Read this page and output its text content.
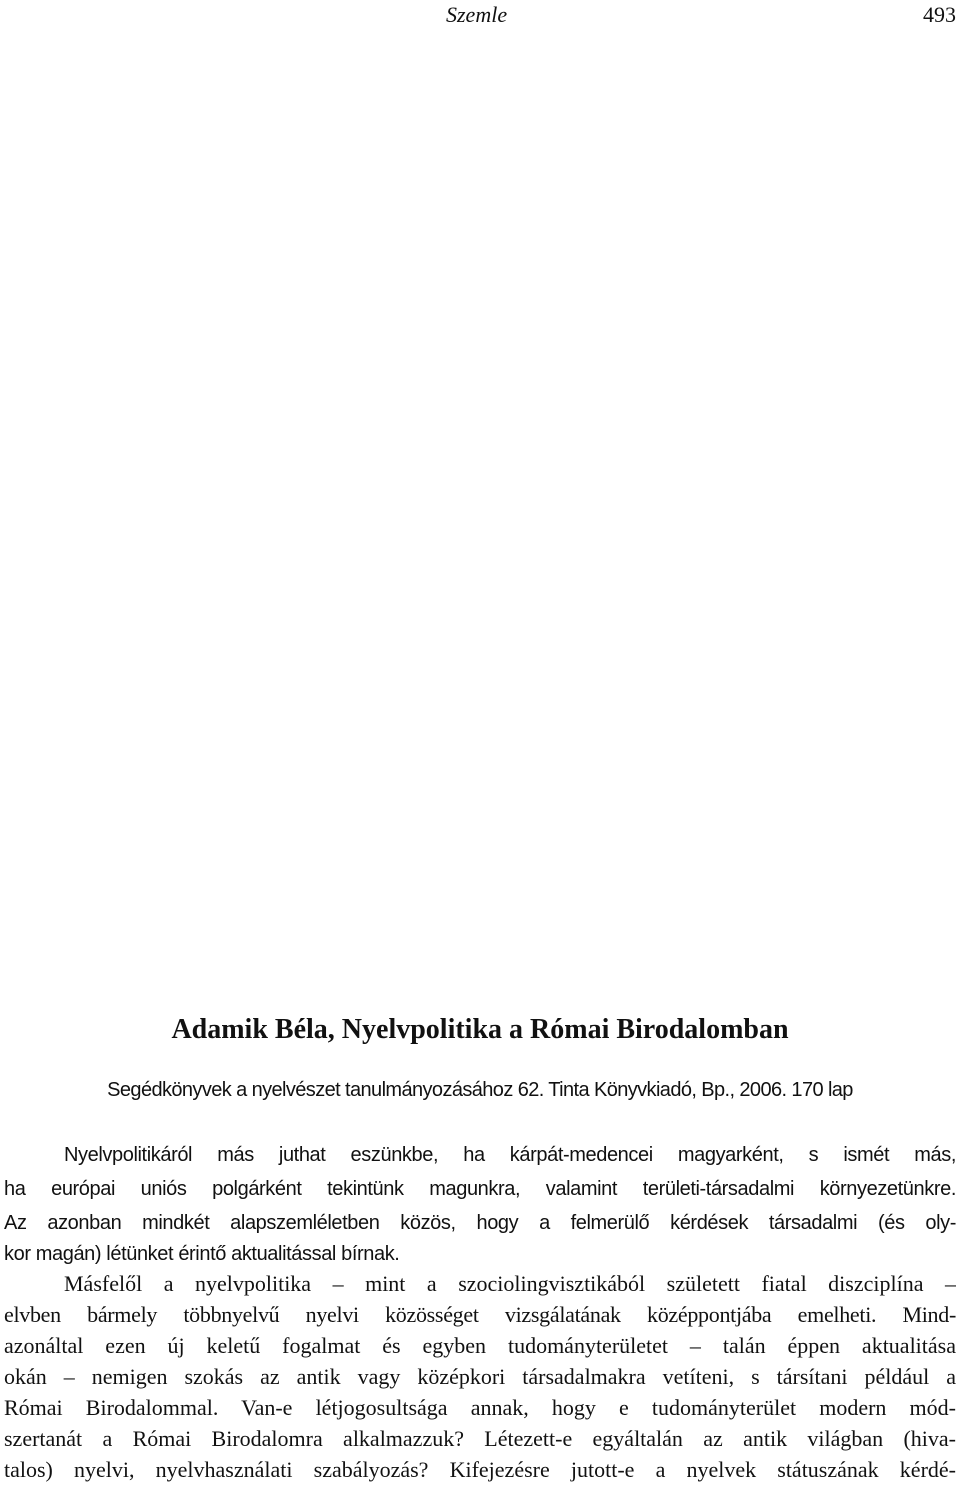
Szemle	493
Adamik Béla, Nyelvpolitika a Római Birodalomban
Segédkönyvek a nyelvészet tanulmányozásához 62. Tinta Könyvkiadó, Bp., 2006. 170 lap
Nyelvpolitikáról más juthat eszünkbe, ha kárpát-medencei magyarként, s ismét más,
ha európai uniós polgárként tekintünk magunkra, valamint területi-társadalmi környezetünkre.
Az azonban mindkét alapszemléletben közös, hogy a felmerülő kérdések társadalmi (és oly-
kor magán) létünket érintő aktualitással bírnak.
Másfelől a nyelvpolitika – mint a szociolingvisztikából született fiatal diszciplína –
elvben bármely többnyelvű nyelvi közösséget vizsgálatának középpontjába emelheti. Mind-
azonáltal ezen új keletű fogalmat és egyben tudományterületet – talán éppen aktualitása
okán – nemigen szokás az antik vagy középkori társadalmakra vetíteni, s társítani például a
Római Birodalommal. Van-e létjogosultsága annak, hogy e tudományterület modern mód-
szertanát a Római Birodalomra alkalmazzuk? Létezett-e egyáltalán az antik világban (hiva-
talos) nyelvi, nyelvhasználati szabályozás? Kifejezésre jutott-e a nyelvek státuszának kérdé-
